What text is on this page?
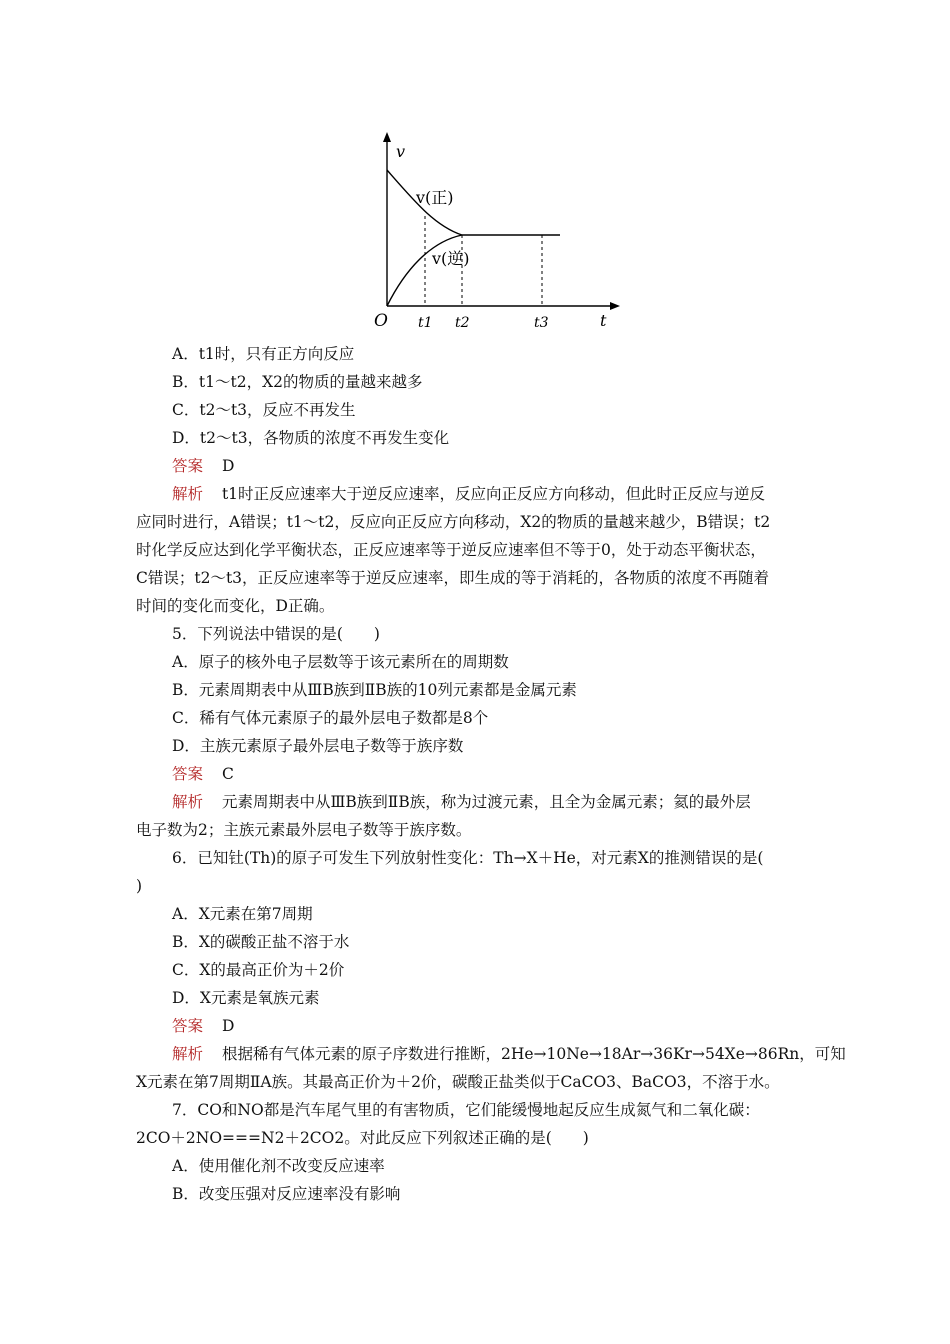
v
O	t
v(正)
v(逆)
t1 t2	t3
A．t1时，只有正方向反应
B．t1～t2，X2的物质的量越来越多
C．t2～t3，反应不再发生
D．t2～t3，各物质的浓度不再发生变化
答案 D
解析 t1时正反应速率大于逆反应速率，反应向正反应方向移动，但此时正反应与逆反
应同时进行，A错误；t1～t2，反应向正反应方向移动，X2的物质的量越来越少，B错误；t2
时化学反应达到化学平衡状态，正反应速率等于逆反应速率但不等于0，处于动态平衡状态，
C错误；t2～t3，正反应速率等于逆反应速率，即生成的等于消耗的，各物质的浓度不再随着
时间的变化而变化，D正确。
5．下列说法中错误的是(　　)
A．原子的核外电子层数等于该元素所在的周期数
B．元素周期表中从ⅢB族到ⅡB族的10列元素都是金属元素
C．稀有气体元素原子的最外层电子数都是8个
D．主族元素原子最外层电子数等于族序数
答案 C
解析 元素周期表中从ⅢB族到ⅡB族，称为过渡元素，且全为金属元素；氦的最外层
电子数为2；主族元素最外层电子数等于族序数。
6．已知钍(Th)的原子可发生下列放射性变化：Th→X＋He，对元素X的推测错误的是(
)
A．X元素在第7周期
B．X的碳酸正盐不溶于水
C．X的最高正价为＋2价
D．X元素是氧族元素
答案 D
解析 根据稀有气体元素的原子序数进行推断，2He→10Ne→18Ar→36Kr→54Xe→86Rn，可知
X元素在第7周期ⅡA族。其最高正价为＋2价，碳酸正盐类似于CaCO3、BaCO3，不溶于水。
7．CO和NO都是汽车尾气里的有害物质，它们能缓慢地起反应生成氮气和二氧化碳：
2CO＋2NO===N2＋2CO2。对此反应下列叙述正确的是(　　)
A．使用催化剂不改变反应速率
B．改变压强对反应速率没有影响
